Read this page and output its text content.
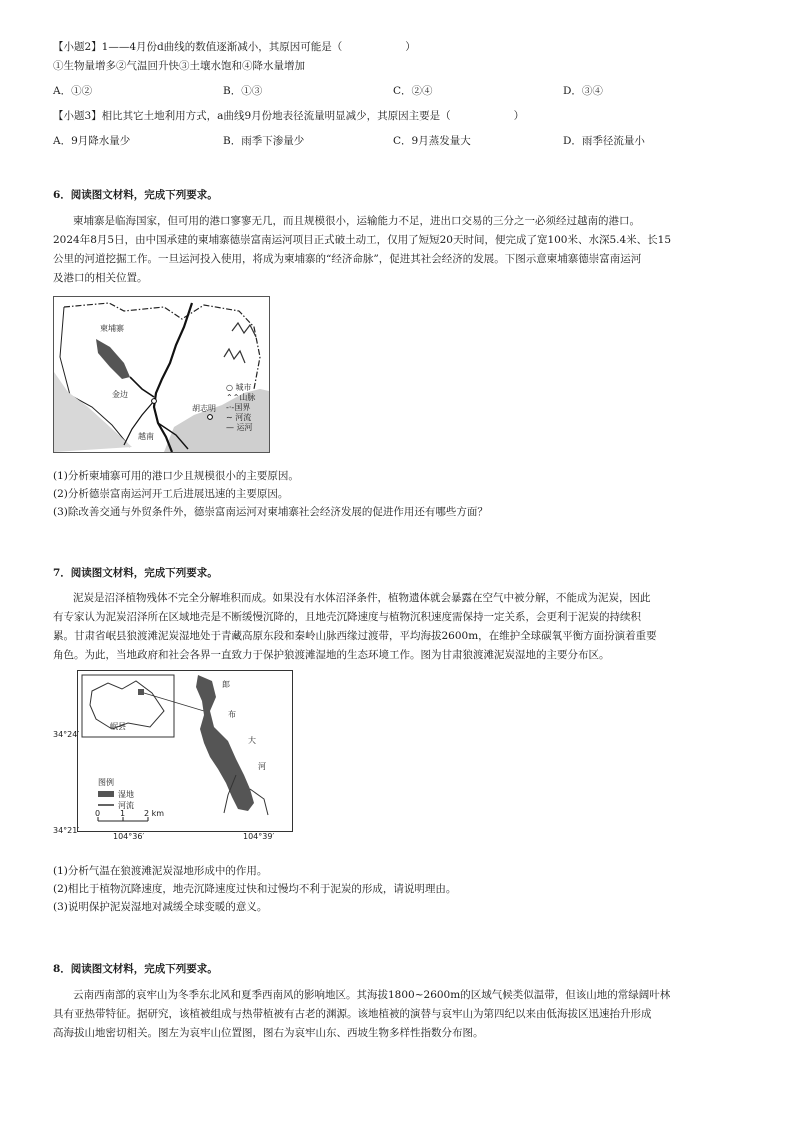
【小题2】1——4月份d曲线的数值逐渐减小，其原因可能是（　　　　　　）
①生物量增多②气温回升快③土壤水饱和④降水量增加
A．①②	B．①③	C．②④	D．③④
【小题3】相比其它土地利用方式，a曲线9月份地表径流量明显减少，其原因主要是（　　　　　　）
A．9月降水量少	B．雨季下渗量少	C．9月蒸发量大	D．雨季径流量小
6．阅读图文材料，完成下列要求。
柬埔寨是临海国家，但可用的港口寥寥无几，而且规模很小，运输能力不足，进出口交易的三分之一必须经过越南的港口。
2024年8月5日，由中国承建的柬埔寨德崇富南运河项目正式破土动工，仅用了短短20天时间，便完成了宽100米、水深5.4米、长15
公里的河道挖掘工作。一旦运河投入使用，将成为柬埔寨的“经济命脉”，促进其社会经济的发展。下图示意柬埔寨德崇富南运河
及港口的相关位置。
柬埔寨
金边
胡志明
越南
○ 城市
⌃⌃山脉
-·-国界
∼ 河流
— 运河
(1)分析柬埔寨可用的港口少且规模很小的主要原因。
(2)分析德崇富南运河开工后进展迅速的主要原因。
(3)除改善交通与外贸条件外，德崇富南运河对柬埔寨社会经济发展的促进作用还有哪些方面？
7．阅读图文材料，完成下列要求。
泥炭是沼泽植物残体不完全分解堆积而成。如果没有水体沼泽条件，植物遗体就会暴露在空气中被分解，不能成为泥炭，因此
有专家认为泥炭沼泽所在区域地壳是不断缓慢沉降的，且地壳沉降速度与植物沉积速度需保持一定关系，会更利于泥炭的持续积
累。甘肃省岷县狼渡滩泥炭湿地处于青藏高原东段和秦岭山脉西缘过渡带，平均海拔2600m，在维护全球碳氧平衡方面扮演着重要
角色。为此，当地政府和社会各界一直致力于保护狼渡滩湿地的生态环境工作。图为甘肃狼渡滩泥炭湿地的主要分布区。
岷县
郎
布
大
河
图例
湿地
河流
0 1 2 km
34°24′
34°21′
104°36′	104°39′
(1)分析气温在狼渡滩泥炭湿地形成中的作用。
(2)相比于植物沉降速度，地壳沉降速度过快和过慢均不利于泥炭的形成，请说明理由。
(3)说明保护泥炭湿地对减缓全球变暖的意义。
8．阅读图文材料，完成下列要求。
云南西南部的哀牢山为冬季东北风和夏季西南风的影响地区。其海拔1800~2600m的区域气候类似温带，但该山地的常绿阔叶林
具有亚热带特征。据研究，该植被组成与热带植被有古老的渊源。该地植被的演替与哀牢山为第四纪以来由低海拔区迅速抬升形成
高海拔山地密切相关。图左为哀牢山位置图，图右为哀牢山东、西坡生物多样性指数分布图。
